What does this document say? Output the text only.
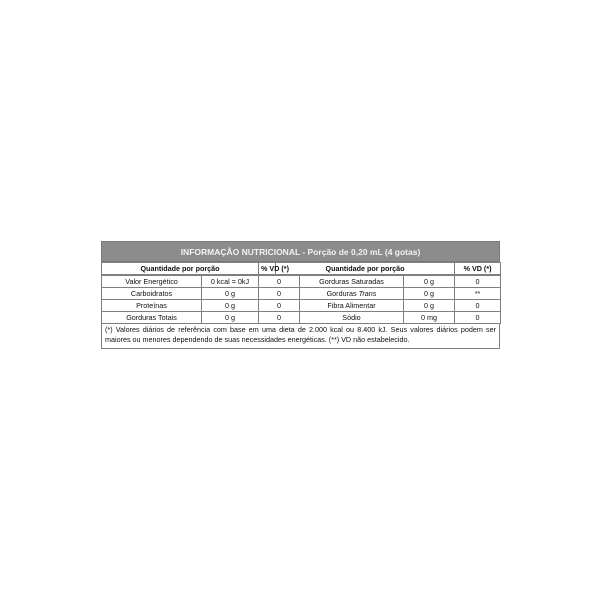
INFORMAÇÃO NUTRICIONAL - Porção de 0,20 mL (4 gotas)
Quantidade por porção	% VD (*)	Quantidade por porção	% VD (*)
Valor Energético	0 kcal = 0kJ	0	Gorduras Saturadas	0 g	0
Carboidratos	0 g	0	Gorduras Trans	0 g	**
Proteínas	0 g	0	Fibra Alimentar	0 g	0
Gorduras Totais	0 g	0	Sódio	0 mg	0
(*) Valores diários de referência com base em uma dieta de 2.000 kcal ou 8.400 kJ. Seus valores diários podem ser maiores ou menores dependendo de suas necessidades energéticas. (**) VD não estabelecido.
